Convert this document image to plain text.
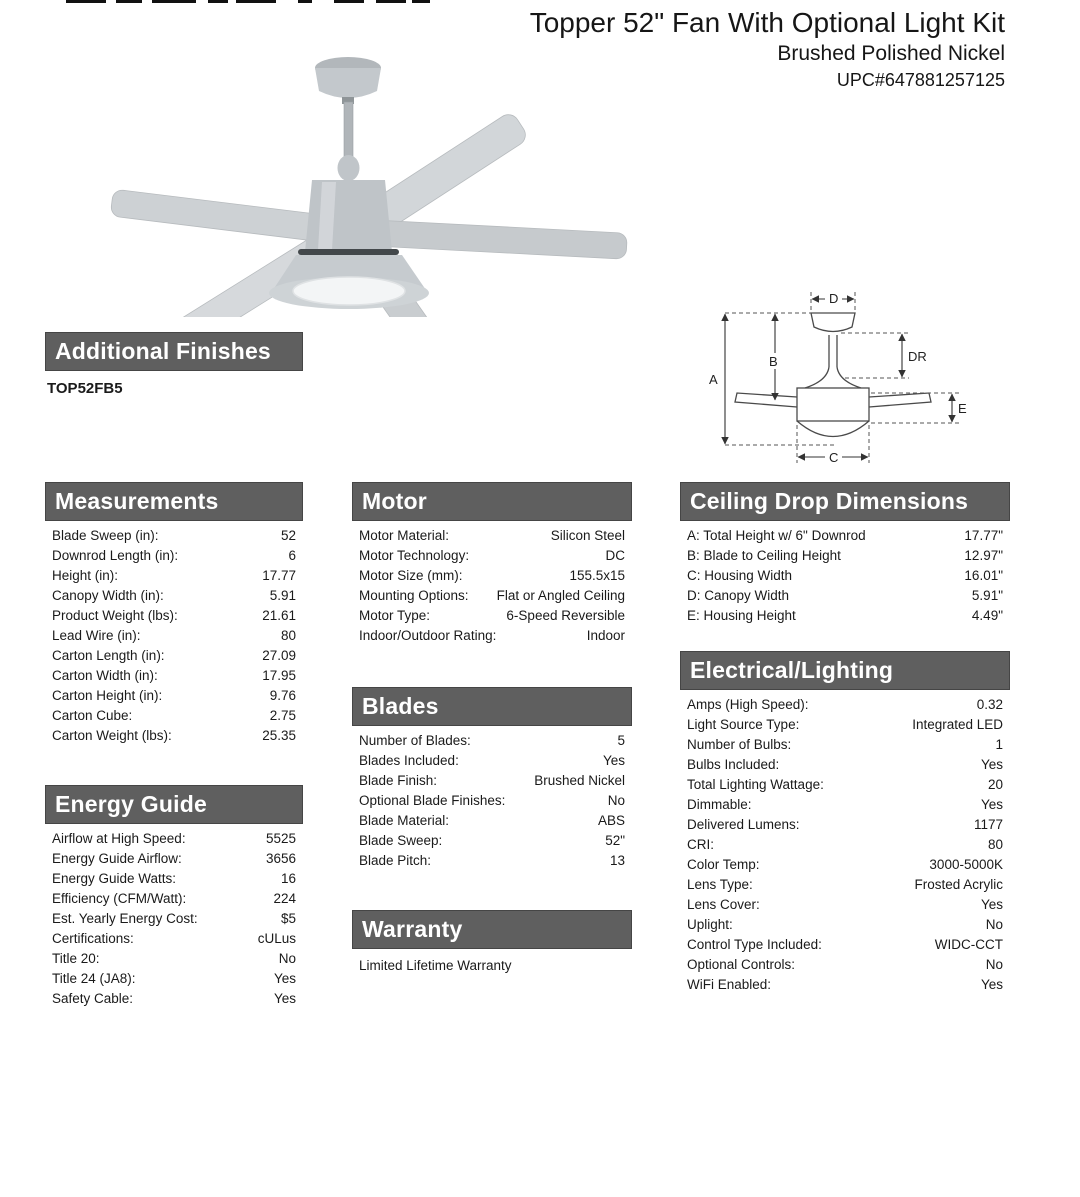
Topper 52" Fan With Optional Light Kit
Brushed Polished Nickel
UPC#647881257125
Additional Finishes
TOP52FB5
A
B
C
D
E
DR
Measurements
Blade Sweep (in):	52
Downrod Length (in):	6
Height (in):	17.77
Canopy Width (in):	5.91
Product Weight (lbs):	21.61
Lead Wire (in):	80
Carton Length (in):	27.09
Carton Width (in):	17.95
Carton Height (in):	9.76
Carton Cube:	2.75
Carton Weight (lbs):	25.35
Energy Guide
Airflow at High Speed:	5525
Energy Guide Airflow:	3656
Energy Guide Watts:	16
Efficiency (CFM/Watt):	224
Est. Yearly Energy Cost:	$5
Certifications:	cULus
Title 20:	No
Title 24 (JA8):	Yes
Safety Cable:	Yes
Motor
Motor Material:	Silicon Steel
Motor Technology:	DC
Motor Size (mm):	155.5x15
Mounting Options:	Flat or Angled Ceiling
Motor Type:	6-Speed Reversible
Indoor/Outdoor Rating:	Indoor
Blades
Number of Blades:	5
Blades Included:	Yes
Blade Finish:	Brushed Nickel
Optional Blade Finishes:	No
Blade Material:	ABS
Blade Sweep:	52"
Blade Pitch:	13
Warranty
Limited Lifetime Warranty
Ceiling Drop Dimensions
A: Total Height w/ 6" Downrod	17.77"
B: Blade to Ceiling Height	12.97"
C: Housing Width	16.01"
D: Canopy Width	5.91"
E: Housing Height	4.49"
Electrical/Lighting
Amps (High Speed):	0.32
Light Source Type:	Integrated LED
Number of Bulbs:	1
Bulbs Included:	Yes
Total Lighting Wattage:	20
Dimmable:	Yes
Delivered Lumens:	1177
CRI:	80
Color Temp:	3000-5000K
Lens Type:	Frosted Acrylic
Lens Cover:	Yes
Uplight:	No
Control Type Included:	WIDC-CCT
Optional Controls:	No
WiFi Enabled:	Yes
